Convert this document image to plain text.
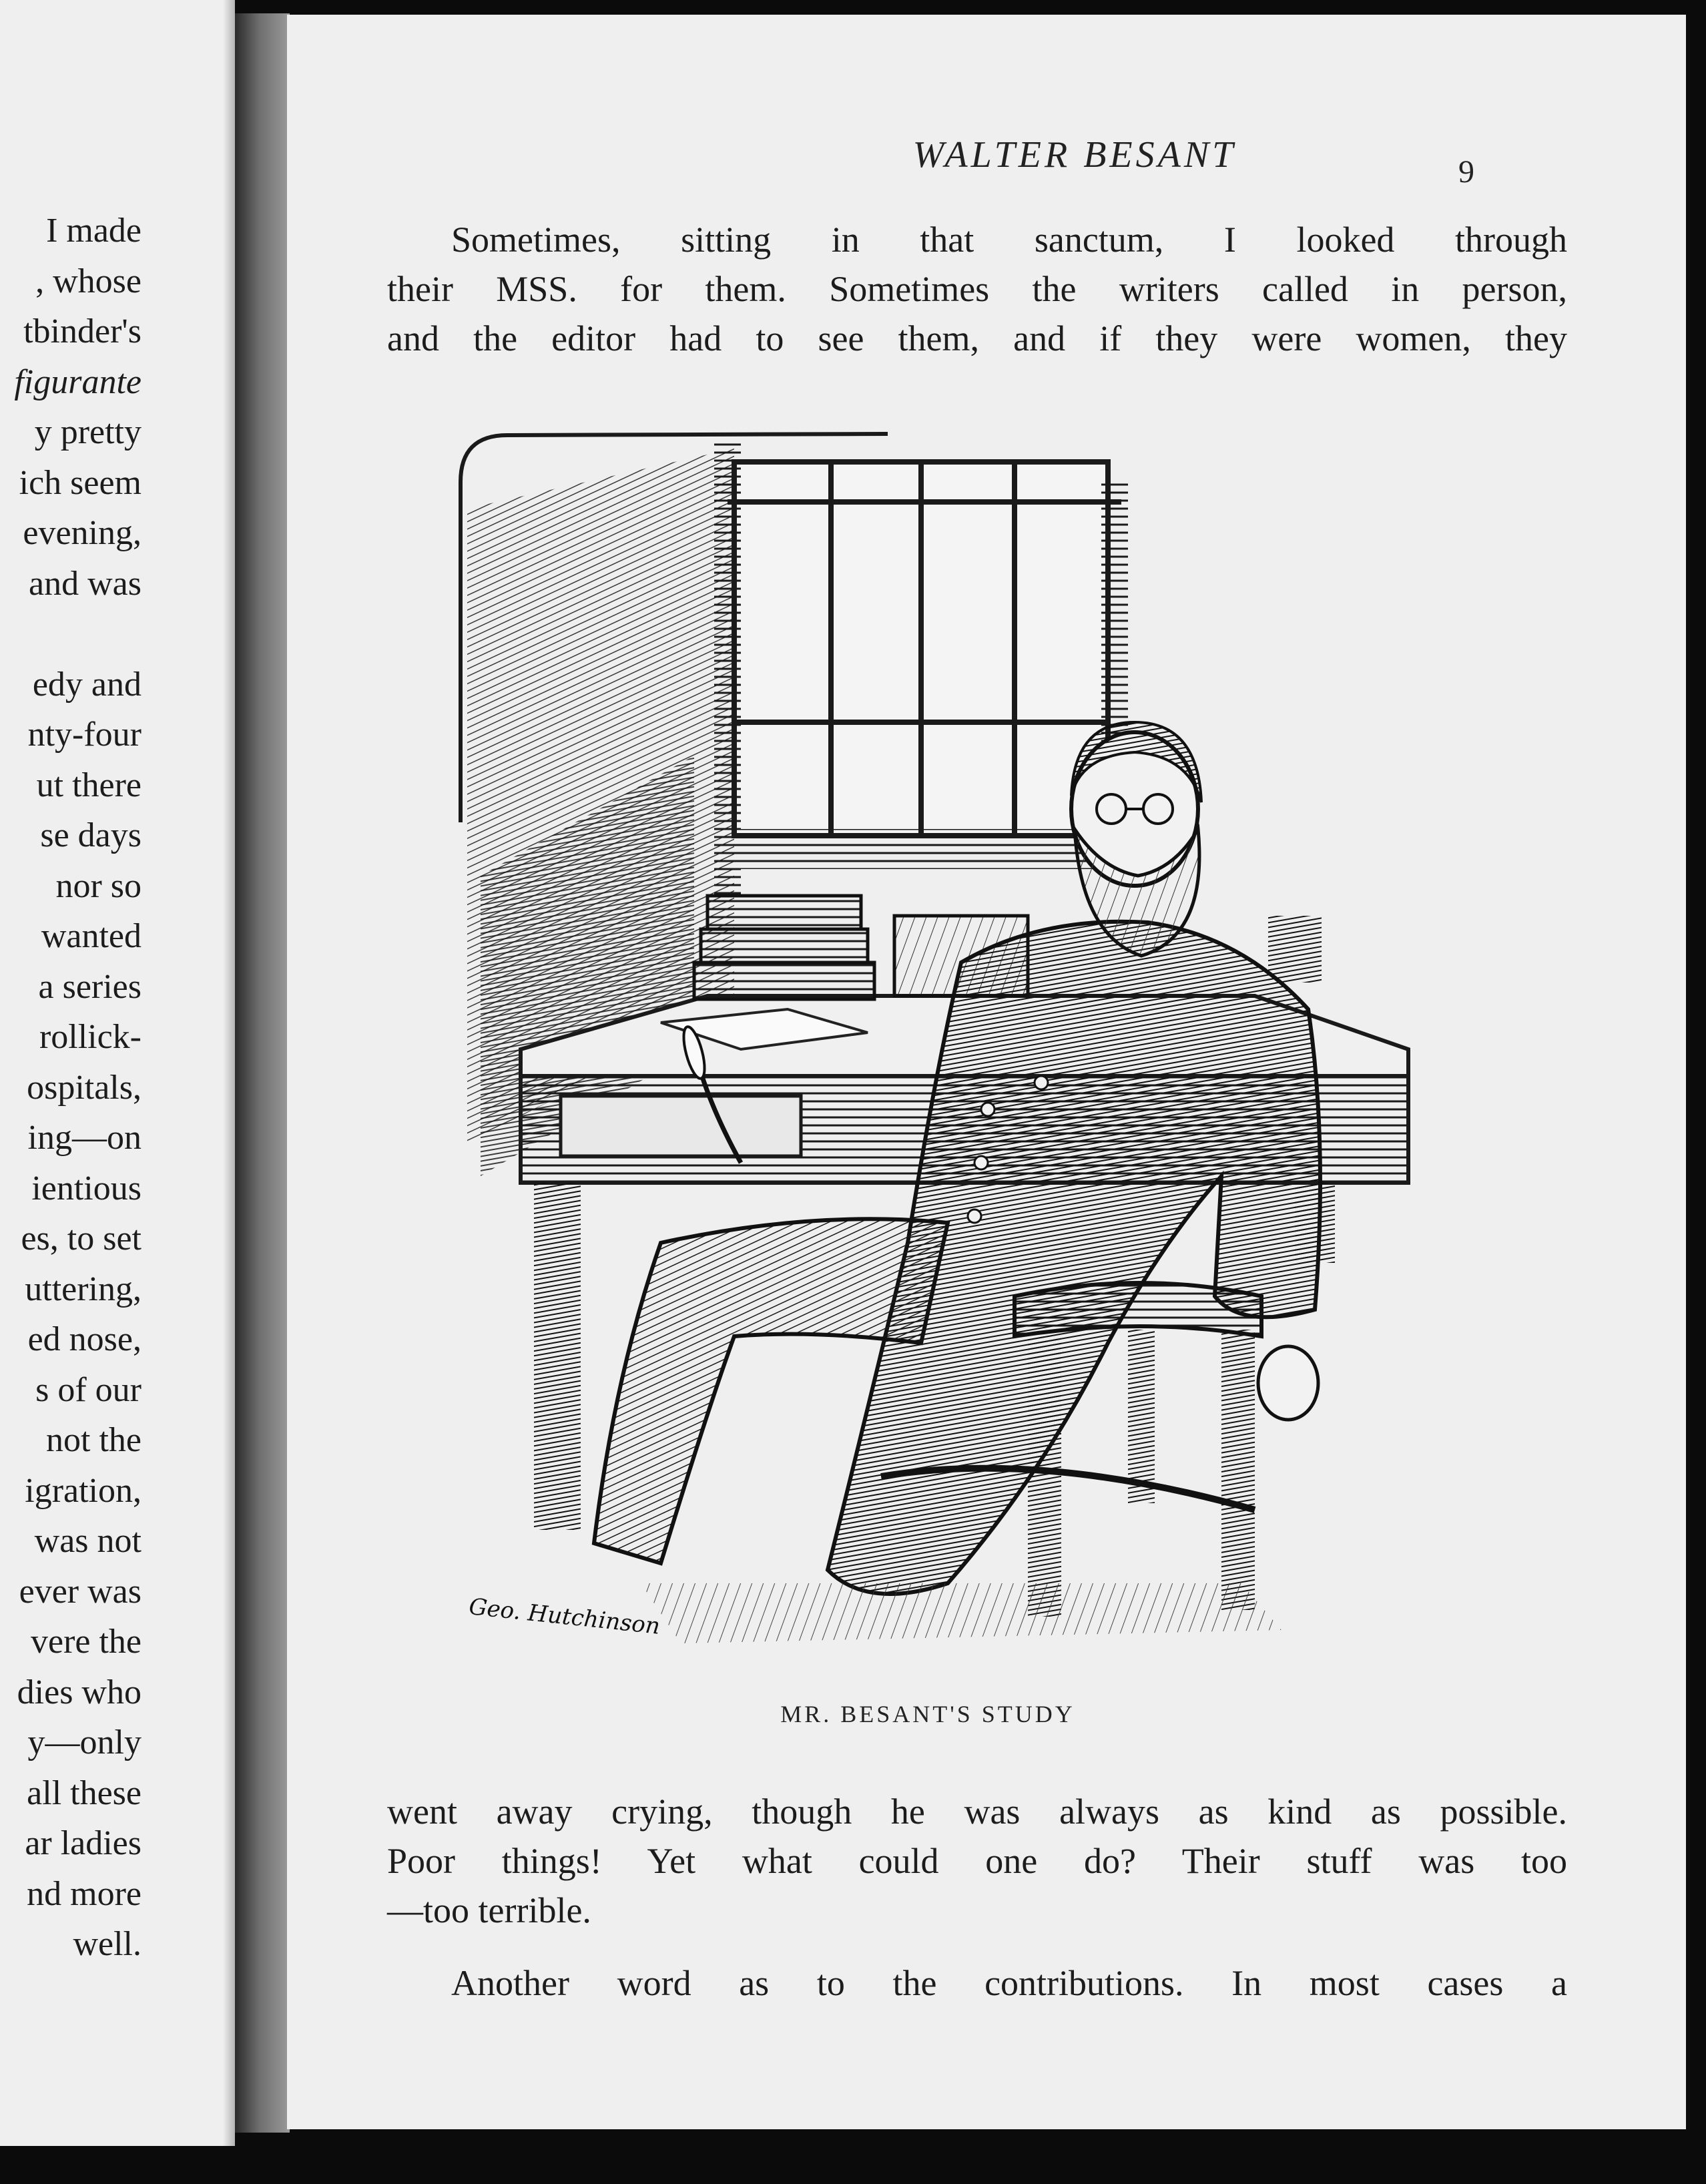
I made
, whose
tbinder's
figurante
y pretty
ich seem
evening,
and was
edy and
nty-four
ut there
se days
nor so
wanted
a series
rollick-
ospitals,
ing—on
ientious
es, to set
uttering,
ed nose,
s of our
not the
igration,
was not
ever was
vere the
dies who
y—only
all these
ar ladies
nd more
well.
WALTER BESANT	9
Sometimes, sitting in that sanctum, I looked through
their MSS. for them. Sometimes the writers called in person,
and the editor had to see them, and if they were women, they
Geo. Hutchinson
MR. BESANT'S STUDY
went away crying, though he was always as kind as possible.
Poor things! Yet what could one do? Their stuff was too
—too terrible.
Another word as to the contributions. In most cases a
